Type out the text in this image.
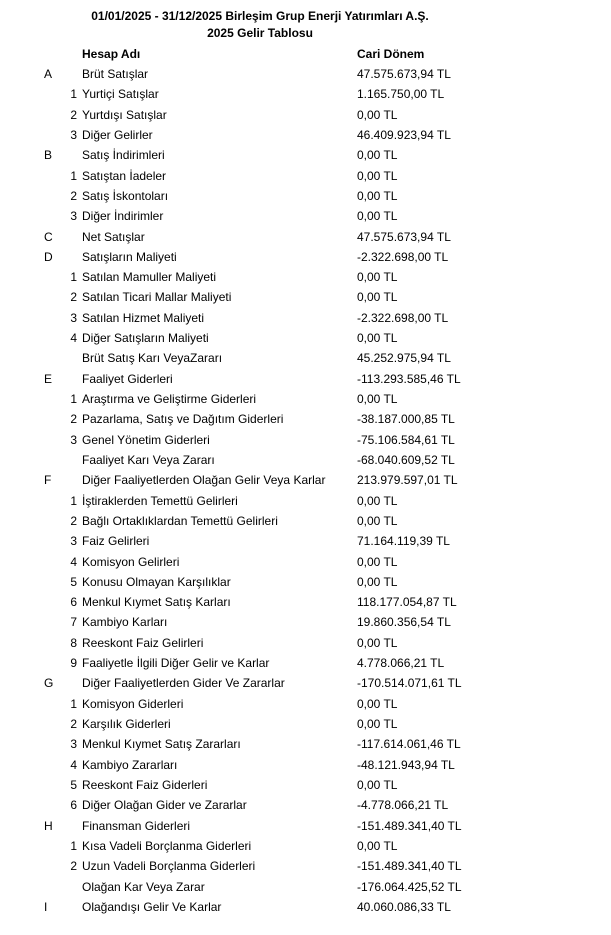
01/01/2025 - 31/12/2025 Birleşim Grup Enerji Yatırımları A.Ş.
2025 Gelir Tablosu
Hesap Adı	Cari Dönem
A Brüt Satışlar	47.575.673,94 TL
1 Yurtiçi Satışlar	1.165.750,00 TL
2 Yurtdışı Satışlar	0,00 TL
3 Diğer Gelirler	46.409.923,94 TL
B Satış İndirimleri	0,00 TL
1 Satıştan İadeler	0,00 TL
2 Satış İskontoları	0,00 TL
3 Diğer İndirimler	0,00 TL
C Net Satışlar	47.575.673,94 TL
D Satışların Maliyeti	-2.322.698,00 TL
1 Satılan Mamuller Maliyeti	0,00 TL
2 Satılan Ticari Mallar Maliyeti	0,00 TL
3 Satılan Hizmet Maliyeti	-2.322.698,00 TL
4 Diğer Satışların Maliyeti	0,00 TL
Brüt Satış Karı VeyaZararı	45.252.975,94 TL
E Faaliyet Giderleri	-113.293.585,46 TL
1 Araştırma ve Geliştirme Giderleri	0,00 TL
2 Pazarlama, Satış ve Dağıtım Giderleri	-38.187.000,85 TL
3 Genel Yönetim Giderleri	-75.106.584,61 TL
Faaliyet Karı Veya Zararı	-68.040.609,52 TL
F	Diğer Faaliyetlerden Olağan Gelir Veya Karlar	213.979.597,01 TL
1 İştiraklerden Temettü Gelirleri	0,00 TL
2 Bağlı Ortaklıklardan Temettü Gelirleri	0,00 TL
3 Faiz Gelirleri	71.164.119,39 TL
4 Komisyon Gelirleri	0,00 TL
5 Konusu Olmayan Karşılıklar	0,00 TL
6 Menkul Kıymet Satış Karları	118.177.054,87 TL
7 Kambiyo Karları	19.860.356,54 TL
8 Reeskont Faiz Gelirleri	0,00 TL
9 Faaliyetle İlgili Diğer Gelir ve Karlar	4.778.066,21 TL
G Diğer Faaliyetlerden Gider Ve Zararlar	-170.514.071,61 TL
1 Komisyon Giderleri	0,00 TL
2 Karşılık Giderleri	0,00 TL
3 Menkul Kıymet Satış Zararları	-117.614.061,46 TL
4 Kambiyo Zararları	-48.121.943,94 TL
5 Reeskont Faiz Giderleri	0,00 TL
6 Diğer Olağan Gider ve Zararlar	-4.778.066,21 TL
H Finansman Giderleri	-151.489.341,40 TL
1 Kısa Vadeli Borçlanma Giderleri	0,00 TL
2 Uzun Vadeli Borçlanma Giderleri	-151.489.341,40 TL
Olağan Kar Veya Zarar	-176.064.425,52 TL
I	Olağandışı Gelir Ve Karlar	40.060.086,33 TL
